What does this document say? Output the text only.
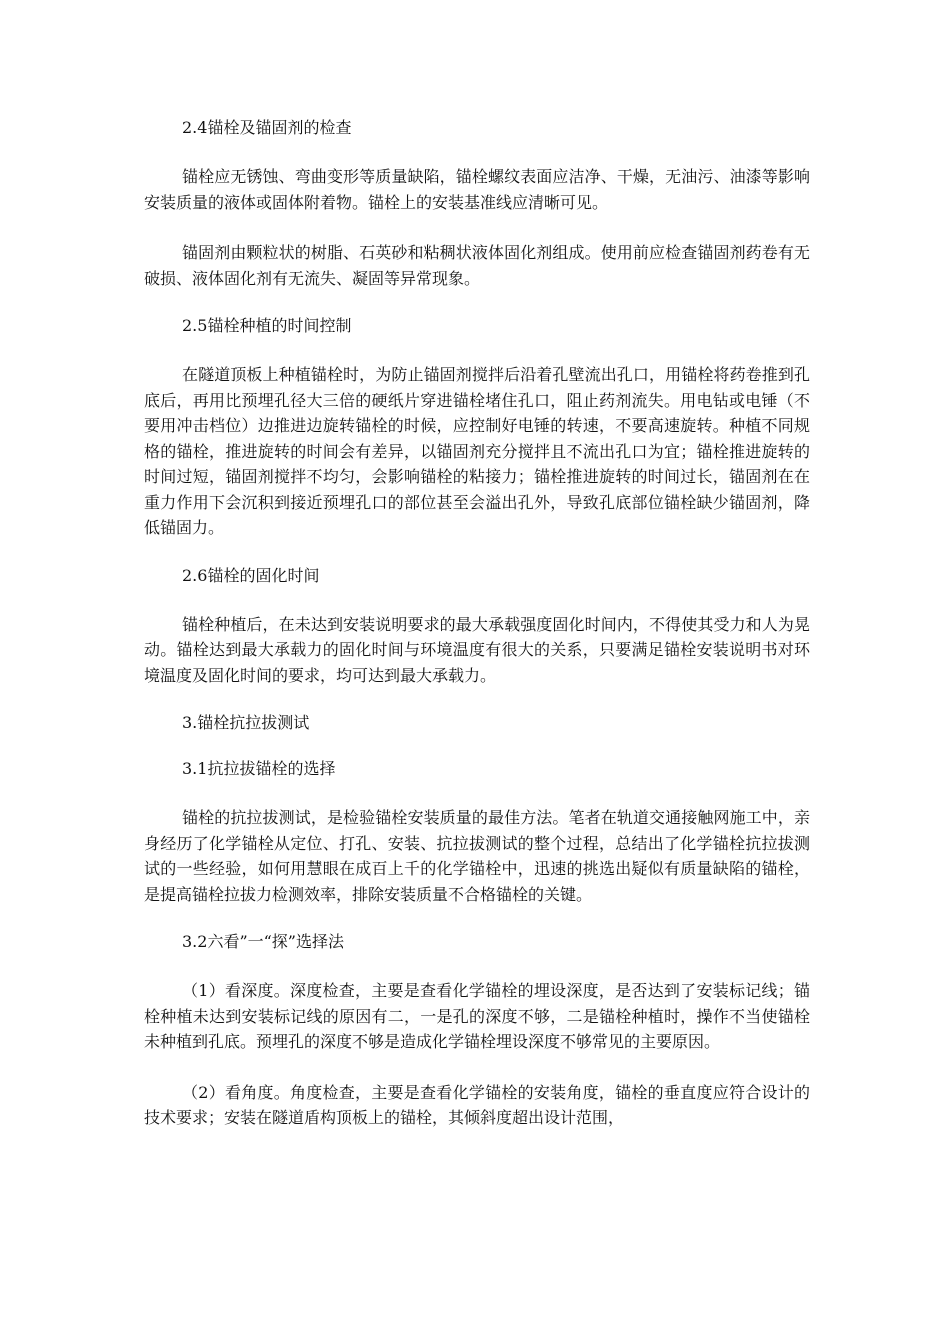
2.4锚栓及锚固剂的检查

锚栓应无锈蚀、弯曲变形等质量缺陷，锚栓螺纹表面应洁净、干燥，无油污、油漆等影响安装质量的液体或固体附着物。锚栓上的安装基准线应清晰可见。

锚固剂由颗粒状的树脂、石英砂和粘稠状液体固化剂组成。使用前应检查锚固剂药卷有无破损、液体固化剂有无流失、凝固等异常现象。

2.5锚栓种植的时间控制

在隧道顶板上种植锚栓时，为防止锚固剂搅拌后沿着孔壁流出孔口，用锚栓将药卷推到孔底后，再用比预埋孔径大三倍的硬纸片穿进锚栓堵住孔口，阻止药剂流失。用电钻或电锤（不要用冲击档位）边推进边旋转锚栓的时候，应控制好电锤的转速，不要高速旋转。种植不同规格的锚栓，推进旋转的时间会有差异，以锚固剂充分搅拌且不流出孔口为宜；锚栓推进旋转的时间过短，锚固剂搅拌不均匀，会影响锚栓的粘接力；锚栓推进旋转的时间过长，锚固剂在在重力作用下会沉积到接近预埋孔口的部位甚至会溢出孔外，导致孔底部位锚栓缺少锚固剂，降低锚固力。

2.6锚栓的固化时间

锚栓种植后，在未达到安装说明要求的最大承载强度固化时间内，不得使其受力和人为晃动。锚栓达到最大承载力的固化时间与环境温度有很大的关系，只要满足锚栓安装说明书对环境温度及固化时间的要求，均可达到最大承载力。

3.锚栓抗拉拔测试
3.1抗拉拔锚栓的选择

锚栓的抗拉拔测试，是检验锚栓安装质量的最佳方法。笔者在轨道交通接触网施工中，亲身经历了化学锚栓从定位、打孔、安装、抗拉拔测试的整个过程，总结出了化学锚栓抗拉拔测试的一些经验，如何用慧眼在成百上千的化学锚栓中，迅速的挑选出疑似有质量缺陷的锚栓，是提高锚栓拉拔力检测效率，排除安装质量不合格锚栓的关键。

3.2六看”一“探”选择法

（1）看深度。深度检查，主要是查看化学锚栓的埋设深度，是否达到了安装标记线；锚栓种植未达到安装标记线的原因有二，一是孔的深度不够，二是锚栓种植时，操作不当使锚栓未种植到孔底。预埋孔的深度不够是造成化学锚栓埋设深度不够常见的主要原因。

（2）看角度。角度检查，主要是查看化学锚栓的安装角度，锚栓的垂直度应符合设计的技术要求；安装在隧道盾构顶板上的锚栓，其倾斜度超出设计范围，
